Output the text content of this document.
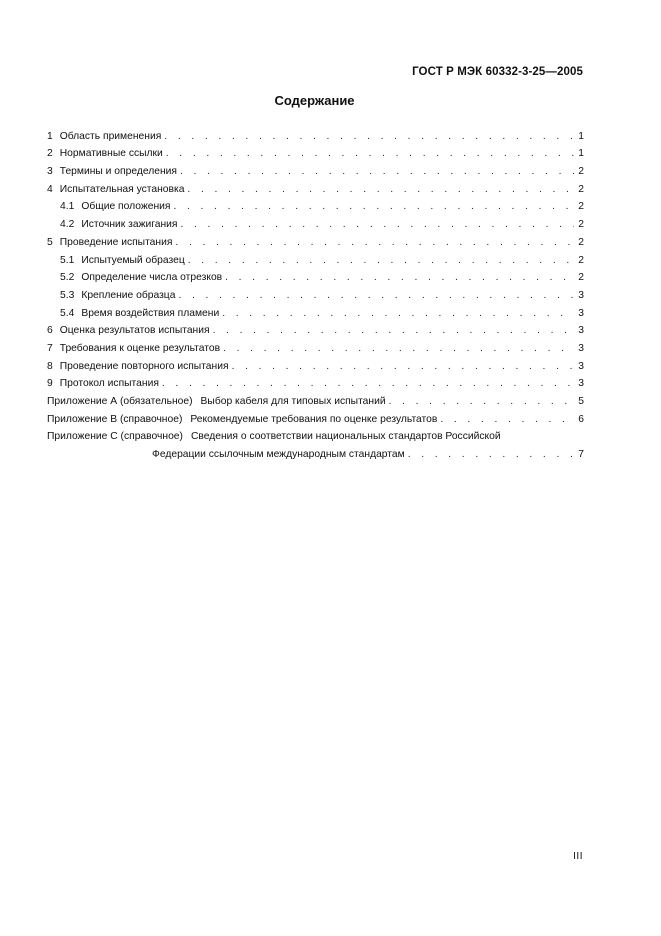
ГОСТ Р МЭК 60332-3-25—2005
Содержание
1 Область применения . . .	1
2 Нормативные ссылки . . .	1
3 Термины и определения . . .	2
4 Испытательная установка . . .	2
4.1 Общие положения . . .	2
4.2 Источник зажигания . . .	2
5 Проведение испытания . . .	2
5.1 Испытуемый образец . . .	2
5.2 Определение числа отрезков . . .	2
5.3 Крепление образца . . .	3
5.4 Время воздействия пламени . . .	3
6 Оценка результатов испытания . . .	3
7 Требования к оценке результатов . . .	3
8 Проведение повторного испытания . . .	3
9 Протокол испытания . . .	3
Приложение А (обязательное) Выбор кабеля для типовых испытаний . . .	5
Приложение В (справочное) Рекомендуемые требования по оценке результатов . . .	6
Приложение С (справочное) Сведения о соответствии национальных стандартов Российской
Федерации ссылочным международным стандартам . . .	7
III
